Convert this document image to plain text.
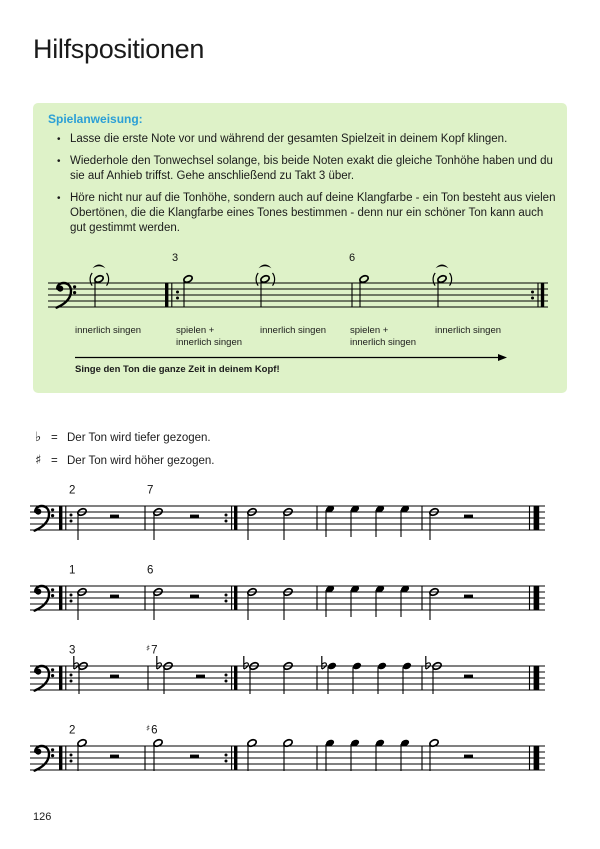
Hilfspositionen
Spielanweisung:
• Lasse die erste Note vor und während der gesamten Spielzeit in deinem Kopf klingen.
• Wiederhole den Tonwechsel solange, bis beide Noten exakt die gleiche Tonhöhe haben und du sie auf Anhieb triffst. Gehe anschließend zu Takt 3 über.
• Höre nicht nur auf die Tonhöhe, sondern auch auf deine Klangfarbe - ein Ton besteht aus vielen Obertönen, die die Klangfarbe eines Tones bestimmen - denn nur ein schöner Ton kann auch gut gestimmt werden.
3	6
innerlich singen	spielen +
innerlich singen
innerlich singen	spielen +
innerlich singen
innerlich singen
Singe den Ton die ganze Zeit in deinem Kopf!
♭ = Der Ton wird tiefer gezogen.
♯ = Der Ton wird höher gezogen.
2	7
1	6
3	♯7
2	♯6
126
